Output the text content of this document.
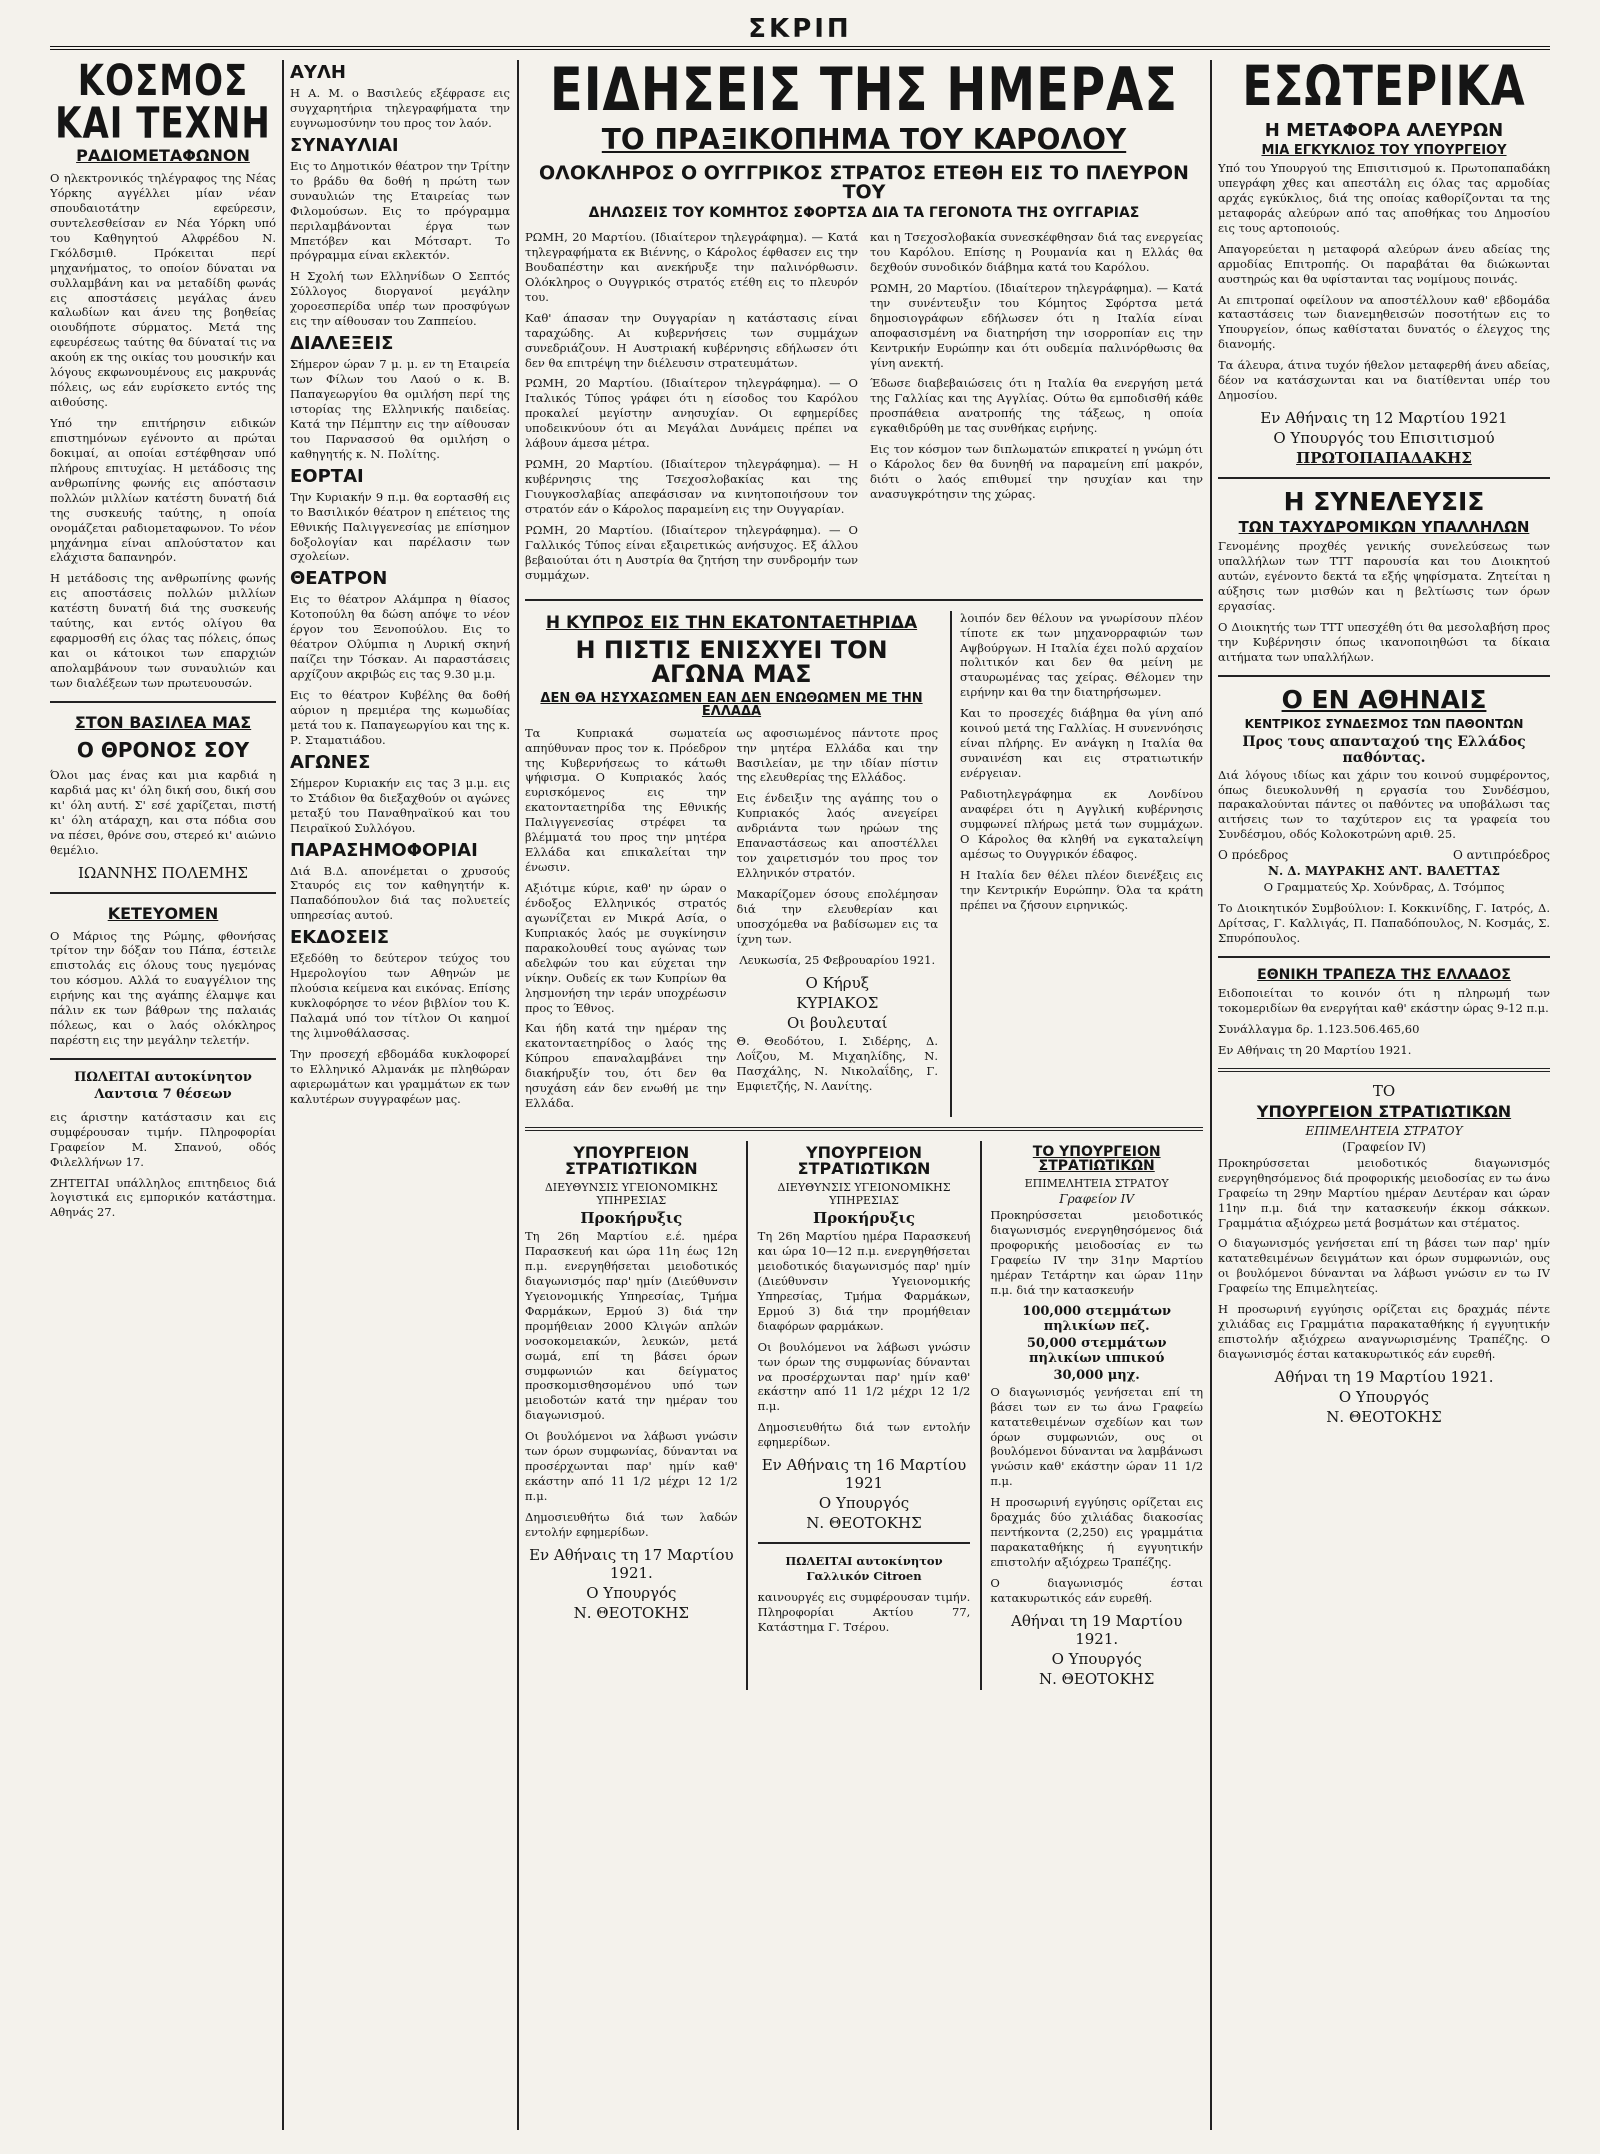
ΣΚΡΙΠ
ΚΟΣΜΟΣ ΚΑΙ ΤΕΧΝΗ
ΡΑΔΙΟΜΕΤΑΦΩΝΟΝ

Ο ηλεκτρονικός τηλέγραφος της Νέας Υόρκης αγγέλλει μίαν νέαν σπουδαιοτάτην εφεύρεσιν, συντελεσθείσαν εν Νέα Υόρκη υπό του Καθηγητού Αλφρέδου Ν. Γκόλδσμιθ. Πρόκειται περί μηχανήματος, το οποίον δύναται να συλλαμβάνη και να μεταδίδη φωνάς εις αποστάσεις μεγάλας άνευ καλωδίων και άνευ της βοηθείας οιουδήποτε σύρματος. Μετά της εφευρέσεως ταύτης θα δύναταί τις να ακούη εκ της οικίας του μουσικήν και λόγους εκφωνουμένους εις μακρυνάς πόλεις, ως εάν ευρίσκετο εντός της αιθούσης.

Υπό την επιτήρησιν ειδικών επιστημόνων εγένοντο αι πρώται δοκιμαί, αι οποίαι εστέφθησαν υπό πλήρους επιτυχίας. Η μετάδοσις της ανθρωπίνης φωνής εις απόστασιν πολλών μιλλίων κατέστη δυνατή διά της συσκευής ταύτης, η οποία ονομάζεται ραδιομεταφωνον. Το νέον μηχάνημα είναι απλούστατον και ελάχιστα δαπανηρόν.

Η μετάδοσις της ανθρωπίνης φωνής εις αποστάσεις πολλών μιλλίων κατέστη δυνατή διά της συσκευής ταύτης, και εντός ολίγου θα εφαρμοσθή εις όλας τας πόλεις, όπως και οι κάτοικοι των επαρχιών απολαμβάνουν των συναυλιών και των διαλέξεων των πρωτευουσών.

ΣΤΟΝ ΒΑΣΙΛΕΑ ΜΑΣ
Ο ΘΡΟΝΟΣ ΣΟΥ

Όλοι μας ένας και μια καρδιά η καρδιά μας κι' όλη δική σου, δική σου κι' όλη αυτή. Σ' εσέ χαρίζεται, πιστή κι' όλη ατάραχη, και στα πόδια σου να πέσει, θρόνε σου, στερεό κι' αιώνιο θεμέλιο.

ΙΩΑΝΝΗΣ ΠΟΛΕΜΗΣ
ΚΕΤΕΥΟΜΕΝ

Ο Μάριος της Ρώμης, φθονήσας τρίτον την δόξαν του Πάπα, έστειλε επιστολάς εις όλους τους ηγεμόνας του κόσμου. Αλλά το ευαγγέλιον της ειρήνης και της αγάπης έλαμψε και πάλιν εκ των βάθρων της παλαιάς πόλεως, και ο λαός ολόκληρος παρέστη εις την μεγάλην τελετήν.

ΠΩΛΕΙΤΑΙ αυτοκίνητον Λαντσια 7 θέσεων

εις άριστην κατάστασιν και εις συμφέρουσαν τιμήν. Πληροφορίαι Γραφείον Μ. Σπανού, οδός Φιλελλήνων 17.

ΖΗΤΕΙΤΑΙ υπάλληλος επιτηδειος διά λογιστικά εις εμπορικόν κατάστημα. Αθηνάς 27.

ΑΥΛΗ

Η Α. Μ. ο Βασιλεύς εξέφρασε εις συγχαρητήρια τηλεγραφήματα την ευγνωμοσύνην του προς τον λαόν.

ΣΥΝΑΥΛΙΑΙ

Εις το Δημοτικόν θέατρον την Τρίτην το βράδυ θα δοθή η πρώτη των συναυλιών της Εταιρείας των Φιλομούσων. Εις το πρόγραμμα περιλαμβάνονται έργα των Μπετόβεν και Μότσαρτ. Το πρόγραμμα είναι εκλεκτόν.

Η Σχολή των Ελληνίδων Ο Σεπτός Σύλλογος διοργανοί μεγάλην χοροεσπερίδα υπέρ των προσφύγων εις την αίθουσαν του Ζαππείου.

ΔΙΑΛΕΞΕΙΣ

Σήμερον ώραν 7 μ. μ. εν τη Εταιρεία των Φίλων του Λαού ο κ. Β. Παπαγεωργίου θα ομιλήση περί της ιστορίας της Ελληνικής παιδείας. Κατά την Πέμπτην εις την αίθουσαν του Παρνασσού θα ομιλήση ο καθηγητής κ. Ν. Πολίτης.

ΕΟΡΤΑΙ

Την Κυριακήν 9 π.μ. θα εορτασθή εις το Βασιλικόν θέατρον η επέτειος της Εθνικής Παλιγγενεσίας με επίσημον δοξολογίαν και παρέλασιν των σχολείων.

ΘΕΑΤΡΟΝ

Εις το θέατρον Αλάμπρα η θίασος Κοτοπούλη θα δώση απόψε το νέον έργον του Ξενοπούλου. Εις το θέατρον Ολύμπια η Λυρική σκηνή παίζει την Τόσκαν. Αι παραστάσεις αρχίζουν ακριβώς εις τας 9.30 μ.μ.

Εις το θέατρον Κυβέλης θα δοθή αύριον η πρεμιέρα της κωμωδίας μετά του κ. Παπαγεωργίου και της κ. Ρ. Σταματιάδου.

ΑΓΩΝΕΣ

Σήμερον Κυριακήν εις τας 3 μ.μ. εις το Στάδιον θα διεξαχθούν οι αγώνες μεταξύ του Παναθηναϊκού και του Πειραϊκού Συλλόγου.

ΠΑΡΑΣΗΜΟΦΟΡΙΑΙ

Διά Β.Δ. απονέμεται ο χρυσούς Σταυρός εις τον καθηγητήν κ. Παπαδόπουλον διά τας πολυετείς υπηρεσίας αυτού.

ΕΚΔΟΣΕΙΣ

Εξεδόθη το δεύτερον τεύχος του Ημερολογίου των Αθηνών με πλούσια κείμενα και εικόνας. Επίσης κυκλοφόρησε το νέον βιβλίον του Κ. Παλαμά υπό τον τίτλον Οι καημοί της λιμνοθάλασσας.

Την προσεχή εβδομάδα κυκλοφορεί το Ελληνικό Αλμανάκ με πληθώραν αφιερωμάτων και γραμμάτων εκ των καλυτέρων συγγραφέων μας.

ΕΙΔΗΣΕΙΣ ΤΗΣ ΗΜΕΡΑΣ
ΤΟ ΠΡΑΞΙΚΟΠΗΜΑ ΤΟΥ ΚΑΡΟΛΟΥ
ΟΛΟΚΛΗΡΟΣ Ο ΟΥΓΓΡΙΚΟΣ ΣΤΡΑΤΟΣ ΕΤΕΘΗ ΕΙΣ ΤΟ ΠΛΕΥΡΟΝ ΤΟΥ
ΔΗΛΩΣΕΙΣ ΤΟΥ ΚΟΜΗΤΟΣ ΣΦΟΡΤΣΑ ΔΙΑ ΤΑ ΓΕΓΟΝΟΤΑ ΤΗΣ ΟΥΓΓΑΡΙΑΣ

ΡΩΜΗ, 20 Μαρτίου. (Ιδιαίτερον τηλεγράφημα). — Κατά τηλεγραφήματα εκ Βιέννης, ο Κάρολος έφθασεν εις την Βουδαπέστην και ανεκήρυξε την παλινόρθωσιν. Ολόκληρος ο Ουγγρικός στρατός ετέθη εις το πλευρόν του.

Καθ' άπασαν την Ουγγαρίαν η κατάστασις είναι ταραχώδης. Αι κυβερνήσεις των συμμάχων συνεδριάζουν. Η Αυστριακή κυβέρνησις εδήλωσεν ότι δεν θα επιτρέψη την διέλευσιν στρατευμάτων.

ΡΩΜΗ, 20 Μαρτίου. (Ιδιαίτερον τηλεγράφημα). — Ο Ιταλικός Τύπος γράφει ότι η είσοδος του Καρόλου προκαλεί μεγίστην ανησυχίαν. Οι εφημερίδες υποδεικνύουν ότι αι Μεγάλαι Δυνάμεις πρέπει να λάβουν άμεσα μέτρα.

ΡΩΜΗ, 20 Μαρτίου. (Ιδιαίτερον τηλεγράφημα). — Η κυβέρνησις της Τσεχοσλοβακίας και της Γιουγκοσλαβίας απεφάσισαν να κινητοποιήσουν τον στρατόν εάν ο Κάρολος παραμείνη εις την Ουγγαρίαν.

ΡΩΜΗ, 20 Μαρτίου. (Ιδιαίτερον τηλεγράφημα). — Ο Γαλλικός Τύπος είναι εξαιρετικώς ανήσυχος. Εξ άλλου βεβαιούται ότι η Αυστρία θα ζητήση την συνδρομήν των συμμάχων.

και η Τσεχοσλοβακία συνεσκέφθησαν διά τας ενεργείας του Καρόλου. Επίσης η Ρουμανία και η Ελλάς θα δεχθούν συνοδικόν διάβημα κατά του Καρόλου.

ΡΩΜΗ, 20 Μαρτίου. (Ιδιαίτερον τηλεγράφημα). — Κατά την συνέντευξιν του Κόμητος Σφόρτσα μετά δημοσιογράφων εδήλωσεν ότι η Ιταλία είναι αποφασισμένη να διατηρήση την ισορροπίαν εις την Κεντρικήν Ευρώπην και ότι ουδεμία παλινόρθωσις θα γίνη ανεκτή.

Έδωσε διαβεβαιώσεις ότι η Ιταλία θα ενεργήση μετά της Γαλλίας και της Αγγλίας. Ούτω θα εμποδισθή κάθε προσπάθεια ανατροπής της τάξεως, η οποία εγκαθιδρύθη με τας συνθήκας ειρήνης.

Εις τον κόσμον των διπλωματών επικρατεί η γνώμη ότι ο Κάρολος δεν θα δυνηθή να παραμείνη επί μακρόν, διότι ο λαός επιθυμεί την ησυχίαν και την ανασυγκρότησιν της χώρας.

Η ΚΥΠΡΟΣ ΕΙΣ ΤΗΝ ΕΚΑΤΟΝΤΑΕΤΗΡΙΔΑ
Η ΠΙΣΤΙΣ ΕΝΙΣΧΥΕΙ ΤΟΝ ΑΓΩΝΑ ΜΑΣ
ΔΕΝ ΘΑ ΗΣΥΧΑΣΩΜΕΝ ΕΑΝ ΔΕΝ ΕΝΩΘΩΜΕΝ ΜΕ ΤΗΝ ΕΛΛΑΔΑ

Τα Κυπριακά σωματεία απηύθυναν προς τον κ. Πρόεδρον της Κυβερνήσεως το κάτωθι ψήφισμα. Ο Κυπριακός λαός ευρισκόμενος εις την εκατονταετηρίδα της Εθνικής Παλιγγενεσίας στρέφει τα βλέμματά του προς την μητέρα Ελλάδα και επικαλείται την ένωσιν.

Αξιότιμε κύριε, καθ' ην ώραν ο ένδοξος Ελληνικός στρατός αγωνίζεται εν Μικρά Ασία, ο Κυπριακός λαός με συγκίνησιν παρακολουθεί τους αγώνας των αδελφών του και εύχεται την νίκην. Ουδείς εκ των Κυπρίων θα λησμονήση την ιεράν υποχρέωσιν προς το Έθνος.

Και ήδη κατά την ημέραν της εκατονταετηρίδος ο λαός της Κύπρου επαναλαμβάνει την διακήρυξίν του, ότι δεν θα ησυχάση εάν δεν ενωθή με την Ελλάδα.

ως αφοσιωμένος πάντοτε προς την μητέρα Ελλάδα και την Βασιλείαν, με την ιδίαν πίστιν της ελευθερίας της Ελλάδος.

Εις ένδειξιν της αγάπης του ο Κυπριακός λαός ανεγείρει ανδριάντα των ηρώων της Επαναστάσεως και αποστέλλει τον χαιρετισμόν του προς τον Ελληνικόν στρατόν.

Μακαρίζομεν όσους επολέμησαν διά την ελευθερίαν και υποσχόμεθα να βαδίσωμεν εις τα ίχνη των.

Λευκωσία, 25 Φεβρουαρίου 1921.

Ο Κήρυξ
ΚΥΡΙΑΚΟΣ
Οι βουλευταί

Θ. Θεοδότου, Ι. Σιδέρης, Δ. Λοΐζου, Μ. Μιχαηλίδης, Ν. Πασχάλης, Ν. Νικολαΐδης, Γ. Εμφιετζής, Ν. Λανίτης.

λοιπόν δεν θέλουν να γνωρίσουν πλέον τίποτε εκ των μηχανορραφιών των Αψβούργων. Η Ιταλία έχει πολύ αρχαίον πολιτικόν και δεν θα μείνη με σταυρωμένας τας χείρας. Θέλομεν την ειρήνην και θα την διατηρήσωμεν.

Και το προσεχές διάβημα θα γίνη από κοινού μετά της Γαλλίας. Η συνεννόησις είναι πλήρης. Εν ανάγκη η Ιταλία θα συναινέση και εις στρατιωτικήν ενέργειαν.

Ραδιοτηλεγράφημα εκ Λονδίνου αναφέρει ότι η Αγγλική κυβέρνησις συμφωνεί πλήρως μετά των συμμάχων. Ο Κάρολος θα κληθή να εγκαταλείψη αμέσως το Ουγγρικόν έδαφος.

Η Ιταλία δεν θέλει πλέον διενέξεις εις την Κεντρικήν Ευρώπην. Όλα τα κράτη πρέπει να ζήσουν ειρηνικώς.

ΥΠΟΥΡΓΕΙΟΝ ΣΤΡΑΤΙΩΤΙΚΩΝ
ΔΙΕΥΘΥΝΣΙΣ ΥΓΕΙΟΝΟΜΙΚΗΣ ΥΠΗΡΕΣΙΑΣ
Προκήρυξις

Τη 26η Μαρτίου ε.έ. ημέρα Παρασκευή και ώρα 11η έως 12η π.μ. ενεργηθήσεται μειοδοτικός διαγωνισμός παρ' ημίν (Διεύθυνσιν Υγειονομικής Υπηρεσίας, Τμήμα Φαρμάκων, Ερμού 3) διά την προμήθειαν 2000 Κλιγών απλών νοσοκομειακών, λευκών, μετά σωμά, επί τη βάσει όρων συμφωνιών και δείγματος προσκομισθησομένου υπό των μειοδοτών κατά την ημέραν του διαγωνισμού.

Οι βουλόμενοι να λάβωσι γνώσιν των όρων συμφωνίας, δύνανται να προσέρχωνται παρ' ημίν καθ' εκάστην από 11 1/2 μέχρι 12 1/2 π.μ.

Δημοσιευθήτω διά των λαδών εντολήν εφημερίδων.

Εν Αθήναις τη 17 Μαρτίου 1921.
Ο Υπουργός
Ν. ΘΕΟΤΟΚΗΣ
ΥΠΟΥΡΓΕΙΟΝ ΣΤΡΑΤΙΩΤΙΚΩΝ
ΔΙΕΥΘΥΝΣΙΣ ΥΓΕΙΟΝΟΜΙΚΗΣ ΥΠΗΡΕΣΙΑΣ
Προκήρυξις

Τη 26η Μαρτίου ημέρα Παρασκευή και ώρα 10—12 π.μ. ενεργηθήσεται μειοδοτικός διαγωνισμός παρ' ημίν (Διεύθυνσιν Υγειονομικής Υπηρεσίας, Τμήμα Φαρμάκων, Ερμού 3) διά την προμήθειαν διαφόρων φαρμάκων.

Οι βουλόμενοι να λάβωσι γνώσιν των όρων της συμφωνίας δύνανται να προσέρχωνται παρ' ημίν καθ' εκάστην από 11 1/2 μέχρι 12 1/2 π.μ.

Δημοσιευθήτω διά των εντολήν εφημερίδων.

Εν Αθήναις τη 16 Μαρτίου 1921
Ο Υπουργός
Ν. ΘΕΟΤΟΚΗΣ

ΠΩΛΕΙΤΑΙ αυτοκίνητον Γαλλικόν Citroen

καινουργές εις συμφέρουσαν τιμήν. Πληροφορίαι Ακτίου 77, Κατάστημα Γ. Τσέρου.

ΤΟ ΥΠΟΥΡΓΕΙΟΝ ΣΤΡΑΤΙΩΤΙΚΩΝ
ΕΠΙΜΕΛΗΤΕΙΑ ΣΤΡΑΤΟΥ
Γραφείον IV

Προκηρύσσεται μειοδοτικός διαγωνισμός ενεργηθησόμενος διά προφορικής μειοδοσίας εν τω Γραφείω IV την 31ην Μαρτίου ημέραν Τετάρτην και ώραν 11ην π.μ. διά την κατασκευήν

100,000 στεμμάτων πηλικίων πεζ.
50,000 στεμμάτων πηλικίων ιππικού
30,000 μηχ.

Ο διαγωνισμός γενήσεται επί τη βάσει των εν τω άνω Γραφείω κατατεθειμένων σχεδίων και των όρων συμφωνιών, ους οι βουλόμενοι δύνανται να λαμβάνωσι γνώσιν καθ' εκάστην ώραν 11 1/2 π.μ.

Η προσωρινή εγγύησις ορίζεται εις δραχμάς δύο χιλιάδας διακοσίας πεντήκοντα (2,250) εις γραμμάτια παρακαταθήκης ή εγγυητικήν επιστολήν αξιόχρεω Τραπέζης.

Ο διαγωνισμός έσται κατακυρωτικός εάν ευρεθή.

Αθήναι τη 19 Μαρτίου 1921.
Ο Υπουργός
Ν. ΘΕΟΤΟΚΗΣ
ΕΣΩΤΕΡΙΚΑ
Η ΜΕΤΑΦΟΡΑ ΑΛΕΥΡΩΝ
ΜΙΑ ΕΓΚΥΚΛΙΟΣ ΤΟΥ ΥΠΟΥΡΓΕΙΟΥ

Υπό του Υπουργού της Επισιτισμού κ. Πρωτοπαπαδάκη υπεγράφη χθες και απεστάλη εις όλας τας αρμοδίας αρχάς εγκύκλιος, διά της οποίας καθορίζονται τα της μεταφοράς αλεύρων από τας αποθήκας του Δημοσίου εις τους αρτοποιούς.

Απαγορεύεται η μεταφορά αλεύρων άνευ αδείας της αρμοδίας Επιτροπής. Οι παραβάται θα διώκωνται αυστηρώς και θα υφίστανται τας νομίμους ποινάς.

Αι επιτροπαί οφείλουν να αποστέλλουν καθ' εβδομάδα καταστάσεις των διανεμηθεισών ποσοτήτων εις το Υπουργείον, όπως καθίσταται δυνατός ο έλεγχος της διανομής.

Τα άλευρα, άτινα τυχόν ήθελον μεταφερθή άνευ αδείας, δέον να κατάσχωνται και να διατίθενται υπέρ του Δημοσίου.

Εν Αθήναις τη 12 Μαρτίου 1921
Ο Υπουργός του Επισιτισμού
ΠΡΩΤΟΠΑΠΑΔΑΚΗΣ
Η ΣΥΝΕΛΕΥΣΙΣ
ΤΩΝ ΤΑΧΥΔΡΟΜΙΚΩΝ ΥΠΑΛΛΗΛΩΝ

Γενομένης προχθές γενικής συνελεύσεως των υπαλλήλων των ΤΤΤ παρουσία και του Διοικητού αυτών, εγένοντο δεκτά τα εξής ψηφίσματα. Ζητείται η αύξησις των μισθών και η βελτίωσις των όρων εργασίας.

Ο Διοικητής των ΤΤΤ υπεσχέθη ότι θα μεσολαβήση προς την Κυβέρνησιν όπως ικανοποιηθώσι τα δίκαια αιτήματα των υπαλλήλων.

Ο ΕΝ ΑΘΗΝΑΙΣ
ΚΕΝΤΡΙΚΟΣ ΣΥΝΔΕΣΜΟΣ ΤΩΝ ΠΑΘΟΝΤΩΝ
Προς τους απανταχού της Ελλάδος παθόντας.

Διά λόγους ιδίως και χάριν του κοινού συμφέροντος, όπως διευκολυνθή η εργασία του Συνδέσμου, παρακαλούνται πάντες οι παθόντες να υποβάλωσι τας αιτήσεις των το ταχύτερον εις τα γραφεία του Συνδέσμου, οδός Κολοκοτρώνη αριθ. 25.

Ο πρόεδρος	Ο αντιπρόεδρος
Ν. Δ. ΜΑΥΡΑΚΗΣ ΑΝΤ. ΒΑΛΕΤΤΑΣ

Ο Γραμματεύς Χρ. Χούνδρας, Δ. Τσόμπος

Το Διοικητικόν Συμβούλιον: Ι. Κοκκινίδης, Γ. Ιατρός, Δ. Δρίτσας, Γ. Καλλιγάς, Π. Παπαδόπουλος, Ν. Κοσμάς, Σ. Σπυρόπουλος.

ΕΘΝΙΚΗ ΤΡΑΠΕΖΑ ΤΗΣ ΕΛΛΑΔΟΣ

Ειδοποιείται το κοινόν ότι η πληρωμή των τοκομεριδίων θα ενεργήται καθ' εκάστην ώρας 9-12 π.μ.

Συνάλλαγμα δρ. 1.123.506.465,60

Εν Αθήναις τη 20 Μαρτίου 1921.

ΤΟ
ΥΠΟΥΡΓΕΙΟΝ ΣΤΡΑΤΙΩΤΙΚΩΝ
ΕΠΙΜΕΛΗΤΕΙΑ ΣΤΡΑΤΟΥ
(Γραφείον IV)

Προκηρύσσεται μειοδοτικός διαγωνισμός ενεργηθησόμενος διά προφορικής μειοδοσίας εν τω άνω Γραφείω τη 29ην Μαρτίου ημέραν Δευτέραν και ώραν 11ην π.μ. διά την κατασκευήν έκκομ σάκκων. Γραμμάτια αξιόχρεω μετά βοσμάτων και στέματος.

Ο διαγωνισμός γενήσεται επί τη βάσει των παρ' ημίν κατατεθειμένων δειγμάτων και όρων συμφωνιών, ους οι βουλόμενοι δύνανται να λάβωσι γνώσιν εν τω IV Γραφείω της Επιμελητείας.

Η προσωρινή εγγύησις ορίζεται εις δραχμάς πέντε χιλιάδας εις Γραμμάτια παρακαταθήκης ή εγγυητικήν επιστολήν αξιόχρεω αναγνωρισμένης Τραπέζης. Ο διαγωνισμός έσται κατακυρωτικός εάν ευρεθή.

Αθήναι τη 19 Μαρτίου 1921.
Ο Υπουργός
Ν. ΘΕΟΤΟΚΗΣ
